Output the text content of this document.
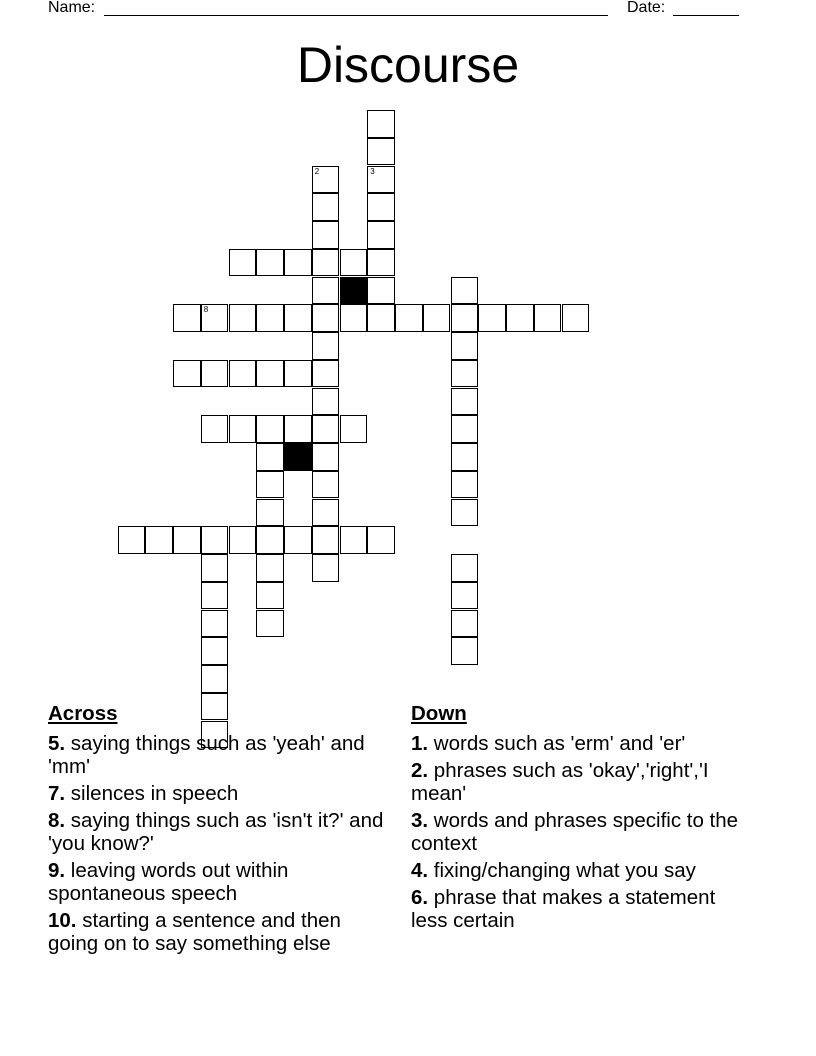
Name:	Date:
Discourse
8
2	3
10
Across
5. saying things such as 'yeah' and 'mm'
7. silences in speech
8. saying things such as 'isn't it?' and 'you know?'
9. leaving words out within spontaneous speech
10. starting a sentence and then going on to say something else
Down
1. words such as 'erm' and 'er'
2. phrases such as 'okay','right','I mean'
3. words and phrases specific to the context
4. fixing/changing what you say
6. phrase that makes a statement less certain
